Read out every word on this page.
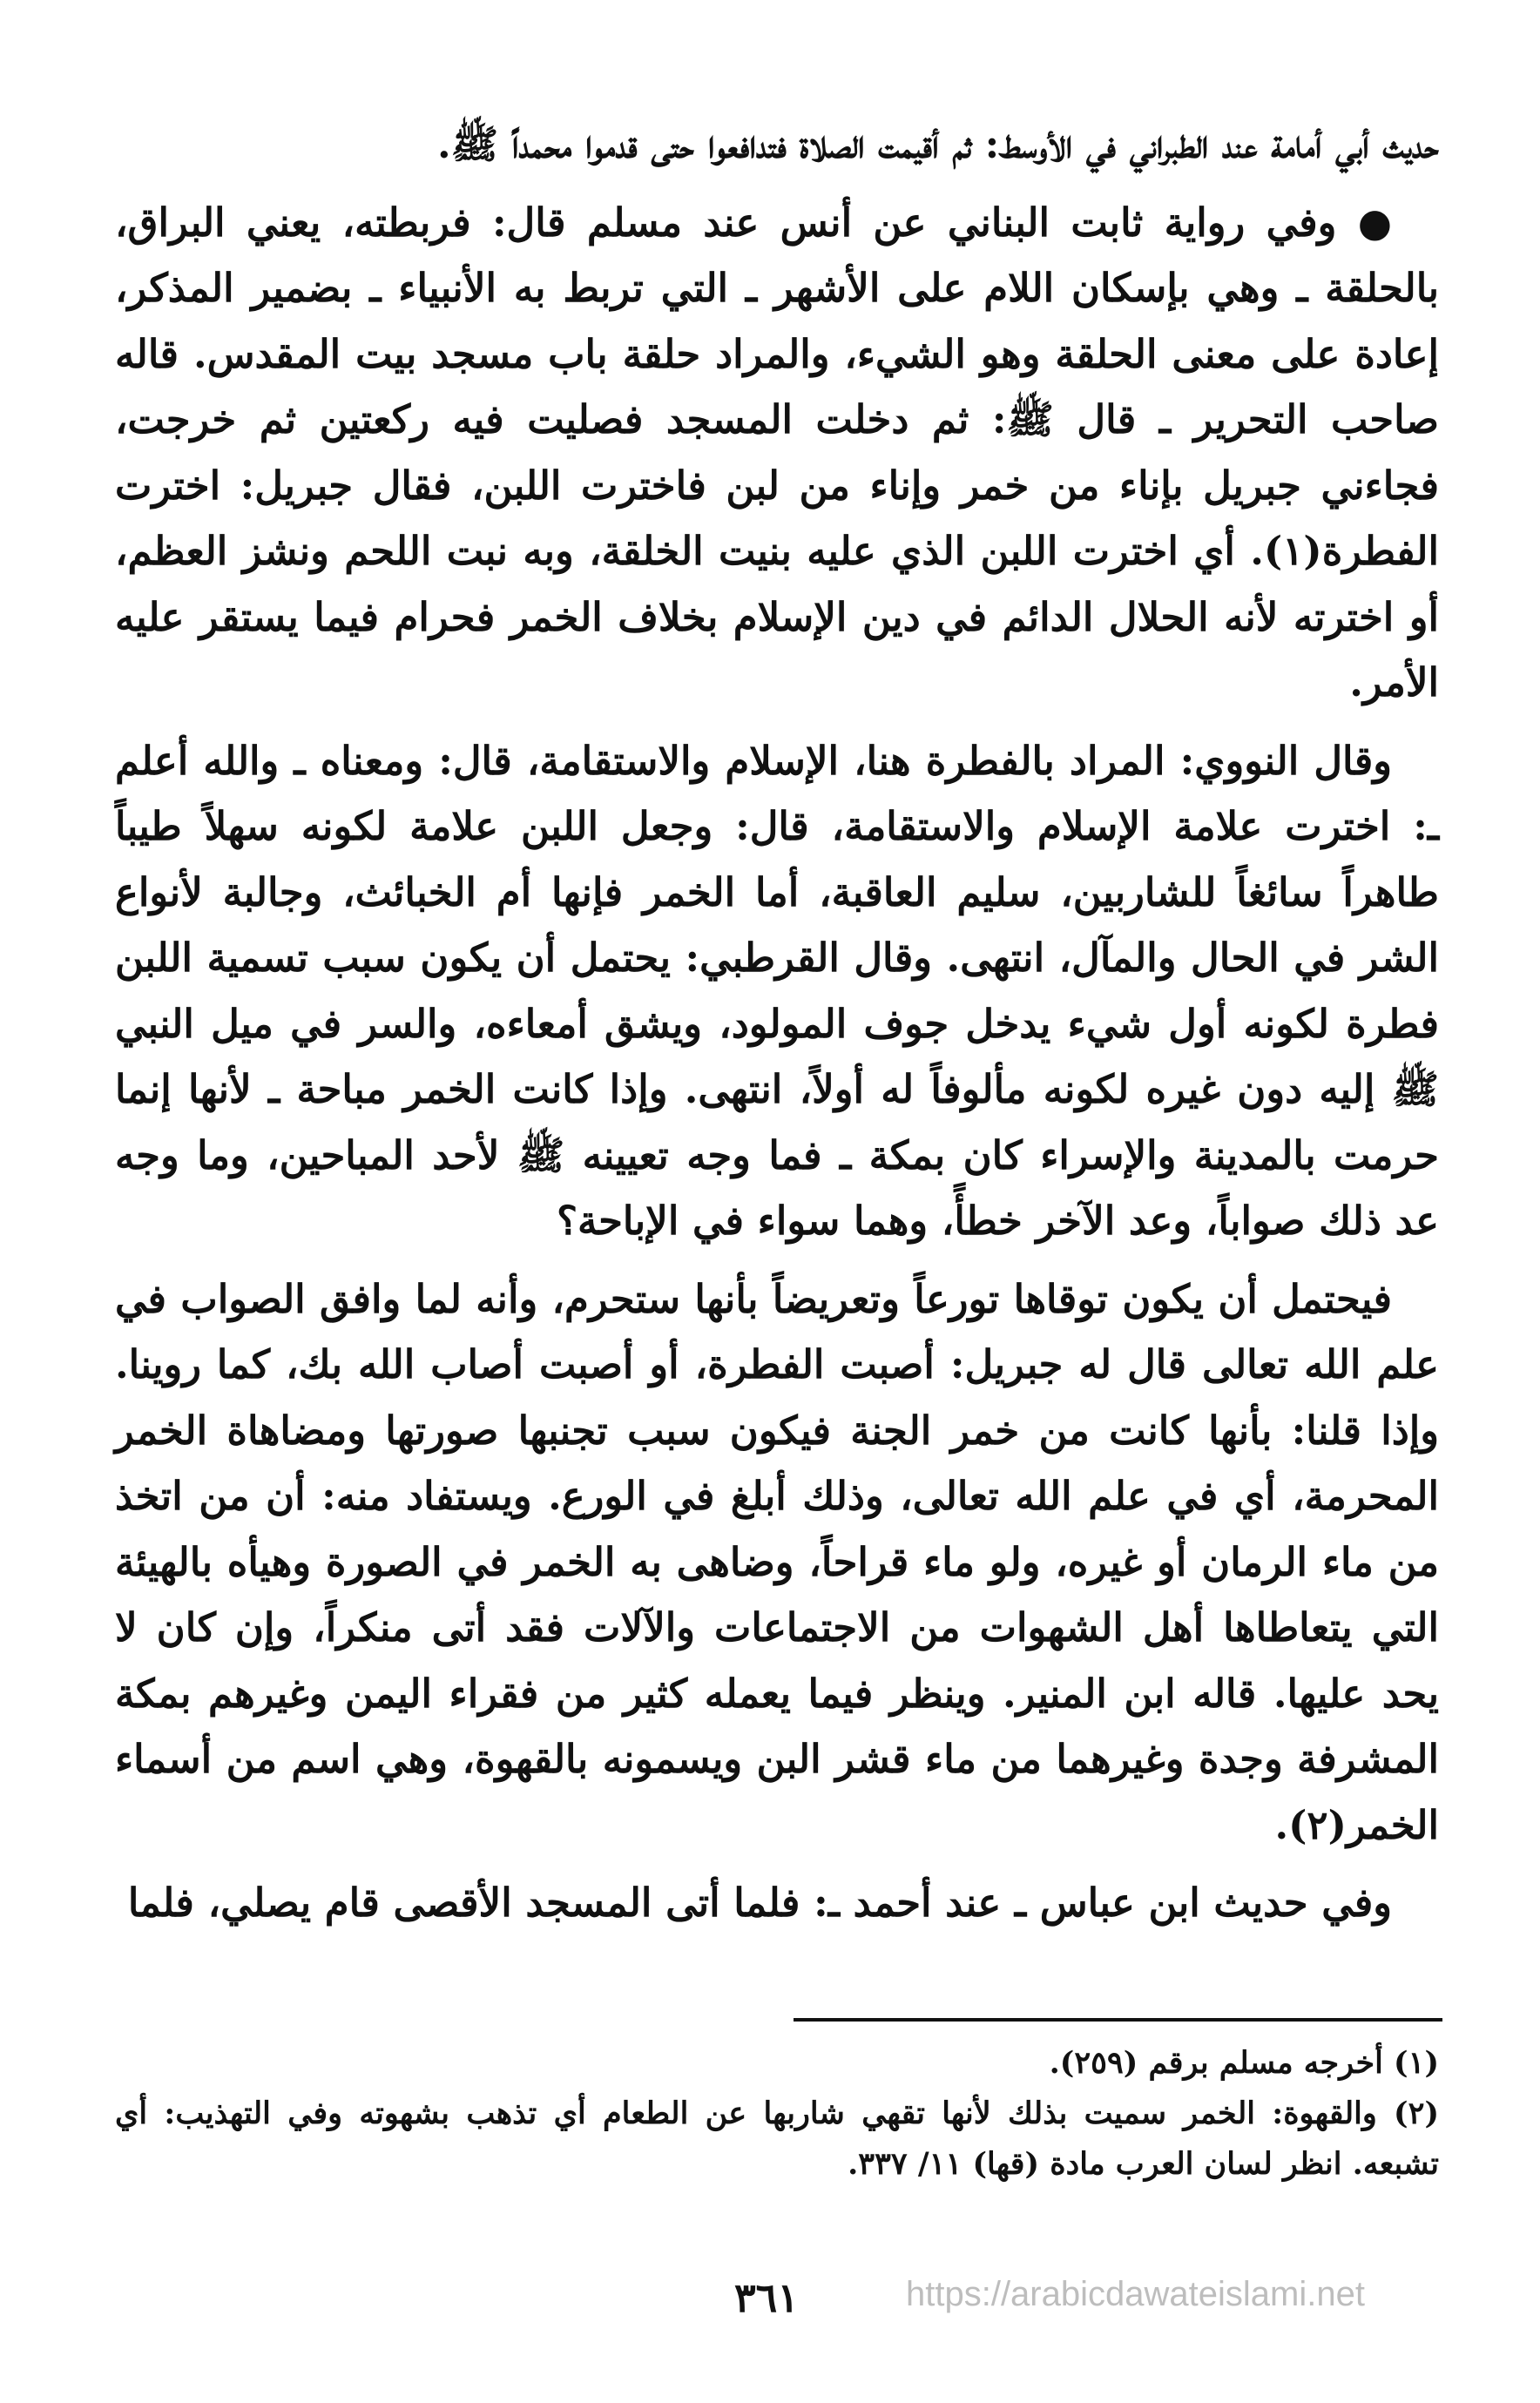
حديث أبي أمامة عند الطبراني في الأوسط: ثم أقيمت الصلاة فتدافعوا حتى قدموا محمداً ﷺ.

● وفي رواية ثابت البناني عن أنس عند مسلم قال: فربطته، يعني البراق، بالحلقة ـ وهي بإسكان اللام على الأشهر ـ التي تربط به الأنبياء ـ بضمير المذكر، إعادة على معنى الحلقة وهو الشيء، والمراد حلقة باب مسجد بيت المقدس. قاله صاحب التحرير ـ قال ﷺ: ثم دخلت المسجد فصليت فيه ركعتين ثم خرجت، فجاءني جبريل بإناء من خمر وإناء من لبن فاخترت اللبن، فقال جبريل: اخترت الفطرة(١). أي اخترت اللبن الذي عليه بنيت الخلقة، وبه نبت اللحم ونشز العظم، أو اخترته لأنه الحلال الدائم في دين الإسلام بخلاف الخمر فحرام فيما يستقر عليه الأمر.

وقال النووي: المراد بالفطرة هنا، الإسلام والاستقامة، قال: ومعناه ـ والله أعلم ـ: اخترت علامة الإسلام والاستقامة، قال: وجعل اللبن علامة لكونه سهلاً طيباً طاهراً سائغاً للشاربين، سليم العاقبة، أما الخمر فإنها أم الخبائث، وجالبة لأنواع الشر في الحال والمآل، انتهى. وقال القرطبي: يحتمل أن يكون سبب تسمية اللبن فطرة لكونه أول شيء يدخل جوف المولود، ويشق أمعاءه، والسر في ميل النبي ﷺ إليه دون غيره لكونه مألوفاً له أولاً، انتهى. وإذا كانت الخمر مباحة ـ لأنها إنما حرمت بالمدينة والإسراء كان بمكة ـ فما وجه تعيينه ﷺ لأحد المباحين، وما وجه عد ذلك صواباً، وعد الآخر خطأً، وهما سواء في الإباحة؟

فيحتمل أن يكون توقاها تورعاً وتعريضاً بأنها ستحرم، وأنه لما وافق الصواب في علم الله تعالى قال له جبريل: أصبت الفطرة، أو أصبت أصاب الله بك، كما روينا. وإذا قلنا: بأنها كانت من خمر الجنة فيكون سبب تجنبها صورتها ومضاهاة الخمر المحرمة، أي في علم الله تعالى، وذلك أبلغ في الورع. ويستفاد منه: أن من اتخذ من ماء الرمان أو غيره، ولو ماء قراحاً، وضاهى به الخمر في الصورة وهيأه بالهيئة التي يتعاطاها أهل الشهوات من الاجتماعات والآلات فقد أتى منكراً، وإن كان لا يحد عليها. قاله ابن المنير. وينظر فيما يعمله كثير من فقراء اليمن وغيرهم بمكة المشرفة وجدة وغيرهما من ماء قشر البن ويسمونه بالقهوة، وهي اسم من أسماء الخمر(٢).

وفي حديث ابن عباس ـ عند أحمد ـ: فلما أتى المسجد الأقصى قام يصلي، فلما

(١) أخرجه مسلم برقم (٢٥٩).

(٢) والقهوة: الخمر سميت بذلك لأنها تقهي شاربها عن الطعام أي تذهب بشهوته وفي التهذيب: أي تشبعه. انظر لسان العرب مادة (قها) ١١/ ٣٣٧.

٣٦١	https://arabicdawateislami.net
